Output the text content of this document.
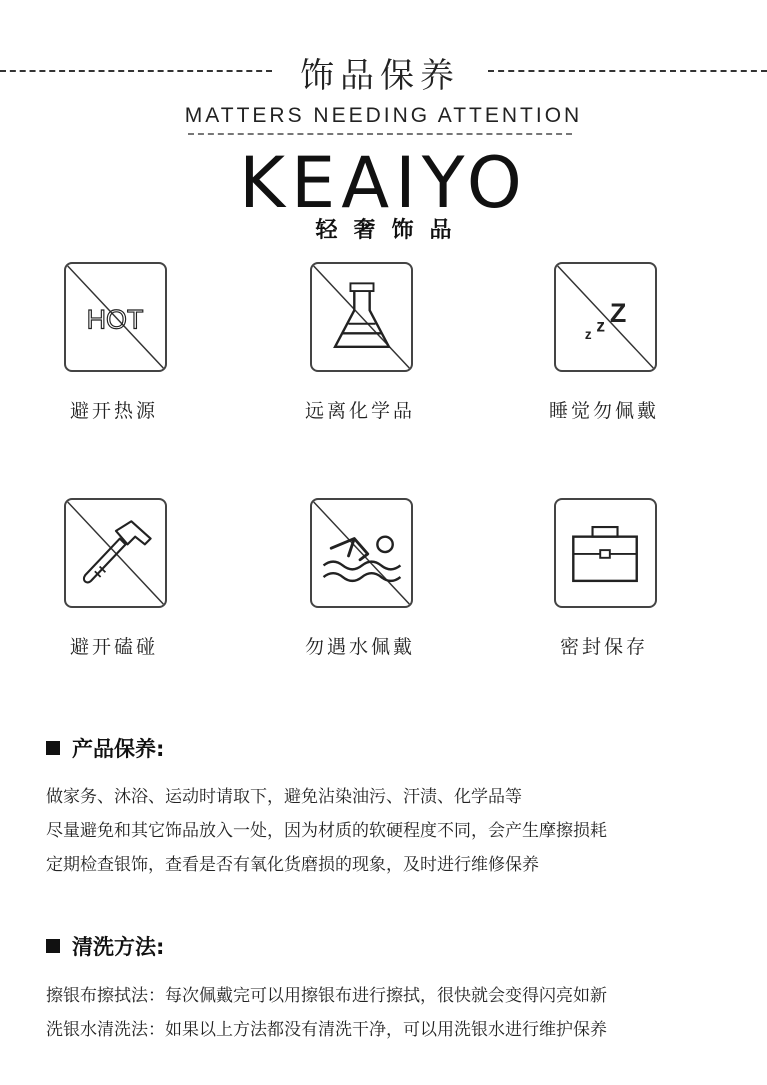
饰品保养
MATTERS NEEDING ATTENTION
KEAIYO
轻奢饰品
HOT
避开热源	远离化学品
z z Z
睡觉勿佩戴
避开磕碰	勿遇水佩戴	密封保存
产品保养:
做家务、沐浴、运动时请取下，避免沾染油污、汗渍、化学品等
尽量避免和其它饰品放入一处，因为材质的软硬程度不同，会产生摩擦损耗
定期检查银饰，查看是否有氧化货磨损的现象，及时进行维修保养
清洗方法:
擦银布擦拭法：每次佩戴完可以用擦银布进行擦拭，很快就会变得闪亮如新
洗银水清洗法：如果以上方法都没有清洗干净，可以用洗银水进行维护保养
